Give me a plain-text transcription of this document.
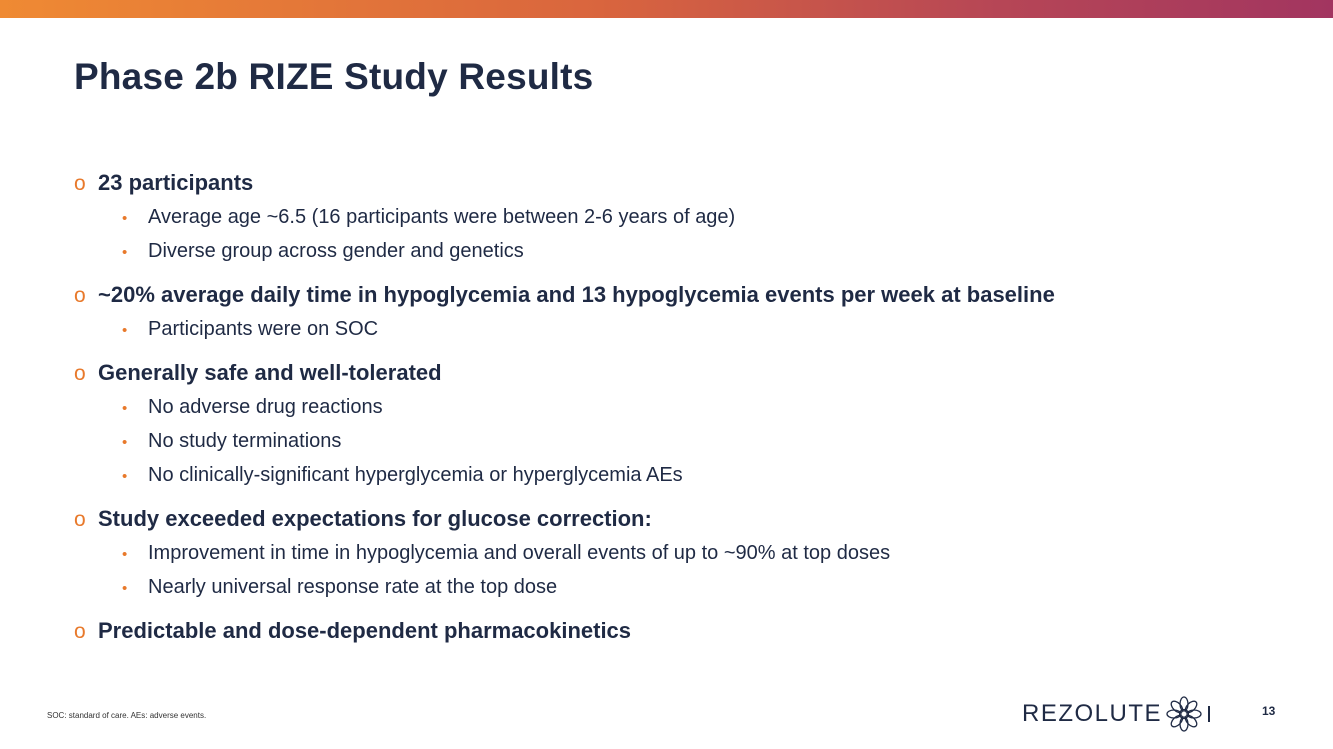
Phase 2b RIZE Study Results
o 23 participants
•	Average age ~6.5 (16 participants were between 2-6 years of age)
•	Diverse group across gender and genetics
o ~20% average daily time in hypoglycemia and 13 hypoglycemia events per week at baseline
•	Participants were on SOC
o Generally safe and well-tolerated
•	No adverse drug reactions
•	No study terminations
•	No clinically-significant hyperglycemia or hyperglycemia AEs
o Study exceeded expectations for glucose correction:
•	Improvement in time in hypoglycemia and overall events of up to ~90% at top doses
•	Nearly universal response rate at the top dose
o Predictable and dose-dependent pharmacokinetics
SOC: standard of care. AEs: adverse events.	REZOLUTE	13
